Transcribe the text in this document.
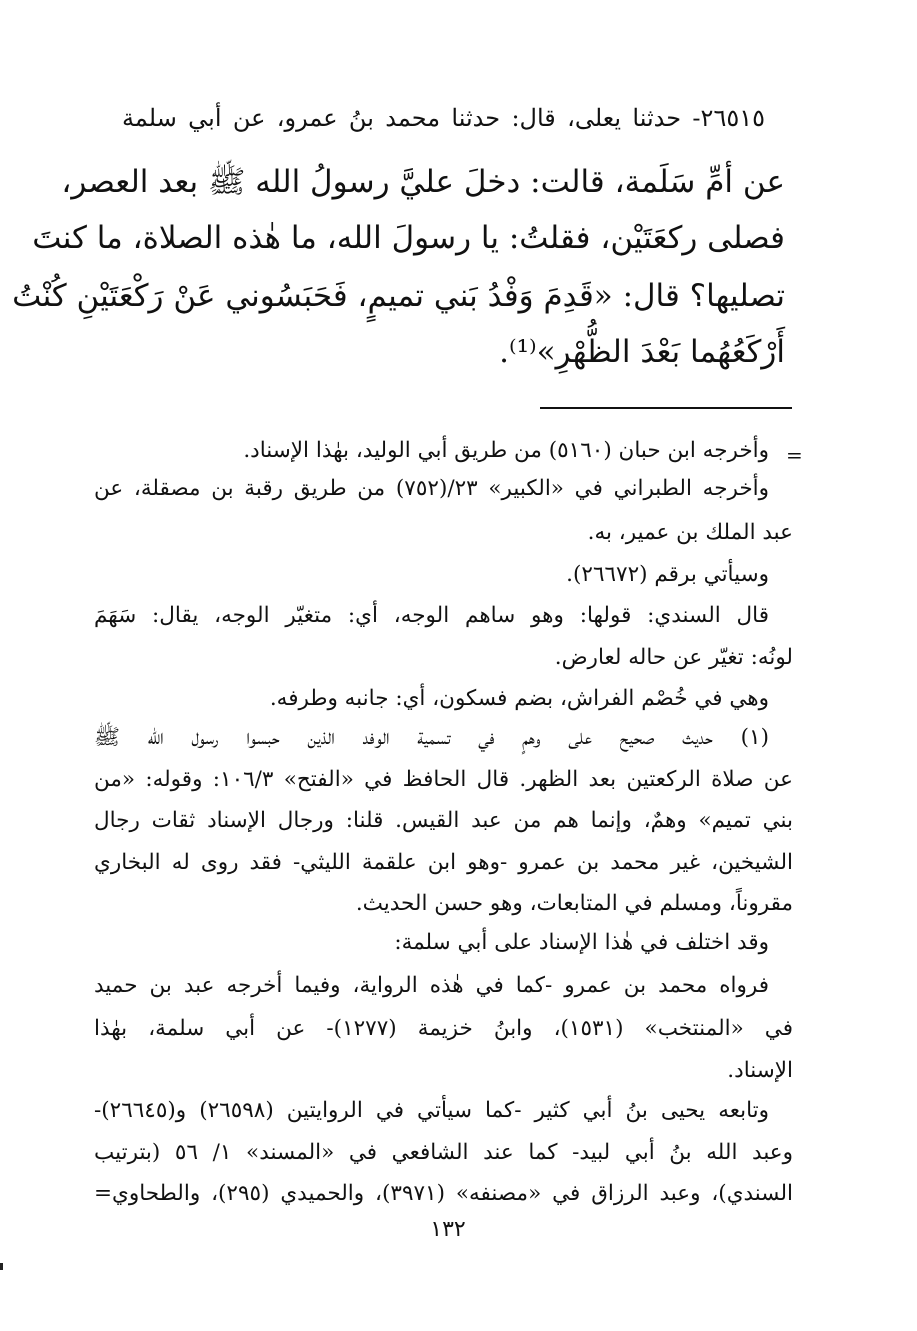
٢٦٥١٥- حدثنا يعلى، قال: حدثنا محمد بنُ عمرو، عن أبي سلمة
عن أمِّ سَلَمة، قالت: دخلَ عليَّ رسولُ الله ﷺ بعد العصر،
فصلى ركعَتَيْن، فقلتُ: يا رسولَ الله، ما هٰذه الصلاة، ما كنتَ
تصليها؟ قال: «قَدِمَ وَفْدُ بَني تميمٍ، فَحَبَسُوني عَنْ رَكْعَتَيْنِ كُنْتُ
أَرْكَعُهُما بَعْدَ الظُّهْرِ»⁽¹⁾.
=
وأخرجه ابن حبان (٥١٦٠) من طريق أبي الوليد، بهٰذا الإسناد.
وأخرجه الطبراني في «الكبير» ٢٣/(٧٥٢) من طريق رقبة بن مصقلة، عن
عبد الملك بن عمير، به.
وسيأتي برقم (٢٦٦٧٢).
قال السندي: قولها: وهو ساهم الوجه، أي: متغيّر الوجه، يقال: سَهَمَ
لونُه: تغيّر عن حاله لعارض.
وهي في خُصْم الفراش، بضم فسكون، أي: جانبه وطرفه.
(١) حديث صحيح على وهمٍ في تسمية الوفد الذين حبسوا رسول الله ﷺ
عن صلاة الركعتين بعد الظهر. قال الحافظ في «الفتح» ١٠٦/٣: وقوله: «من
بني تميم» وهمٌ، وإنما هم من عبد القيس. قلنا: ورجال الإسناد ثقات رجال
الشيخين، غير محمد بن عمرو -وهو ابن علقمة الليثي- فقد روى له البخاري
مقروناً، ومسلم في المتابعات، وهو حسن الحديث.
وقد اختلف في هٰذا الإسناد على أبي سلمة:
فرواه محمد بن عمرو -كما في هٰذه الرواية، وفيما أخرجه عبد بن حميد
في «المنتخب» (١٥٣١)، وابنُ خزيمة (١٢٧٧)- عن أبي سلمة، بهٰذا
الإسناد.
وتابعه يحيى بنُ أبي كثير -كما سيأتي في الروايتين (٢٦٥٩٨) و(٢٦٦٤٥)-
وعبد الله بنُ أبي لبيد- كما عند الشافعي في «المسند» ١/ ٥٦ (بترتيب
السندي)، وعبد الرزاق في «مصنفه» (٣٩٧١)، والحميدي (٢٩٥)، والطحاوي=
١٣٢
